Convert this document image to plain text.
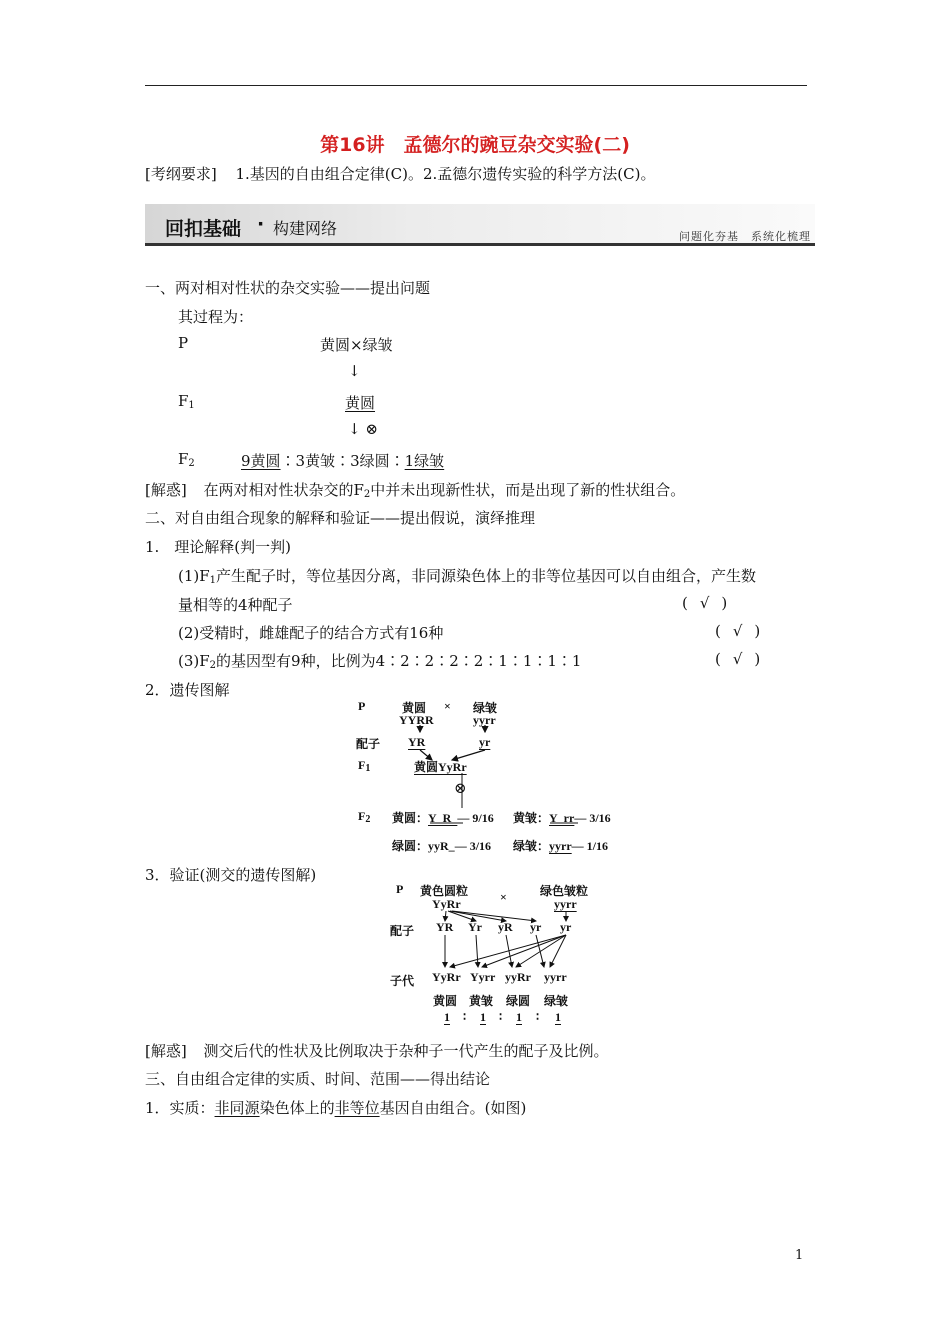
第16讲　孟德尔的豌豆杂交实验(二)
[考纲要求] 1.基因的自由组合定律(C)。2.孟德尔遗传实验的科学方法(C)。
回扣基础 · 构建网络	问题化夯基　系统化梳理
一、两对相对性状的杂交实验——提出问题
其过程为：
P	黄圆×绿皱
↓
F1	黄圆
↓ ⊗
F2	9黄圆∶3黄皱∶3绿圆∶1绿皱
[解惑] 在两对相对性状杂交的F2中并未出现新性状，而是出现了新的性状组合。
二、对自由组合现象的解释和验证——提出假说，演绎推理
1.　理论解释(判一判)
(1)F1产生配子时，等位基因分离，非同源染色体上的非等位基因可以自由组合，产生数
量相等的4种配子	( √ )
(2)受精时，雌雄配子的结合方式有16种	( √ )
(3)F2的基因型有9种，比例为4∶2∶2∶2∶2∶1∶1∶1∶1	( √ )
2．遗传图解
P	黄圆 × 绿皱
YYRR	yyrr
配子 YR	yr
F1	黄圆YyRr
⊗
F2 黄圆：Y_R_— 9/16 黄皱：Y_rr— 3/16
绿圆：yyR_— 3/16 绿皱：yyrr— 1/16
3．验证(测交的遗传图解)
P 黄色圆粒	×	绿色皱粒
YyRr	yyrr
配子 YR Yr yR yr yr
子代 YyRr Yyrr yyRr yyrr
黄圆 黄皱 绿圆 绿皱
1 ∶ 1 ∶ 1 ∶ 1
[解惑] 测交后代的性状及比例取决于杂种子一代产生的配子及比例。
三、自由组合定律的实质、时间、范围——得出结论
1．实质：非同源染色体上的非等位基因自由组合。(如图)
1
